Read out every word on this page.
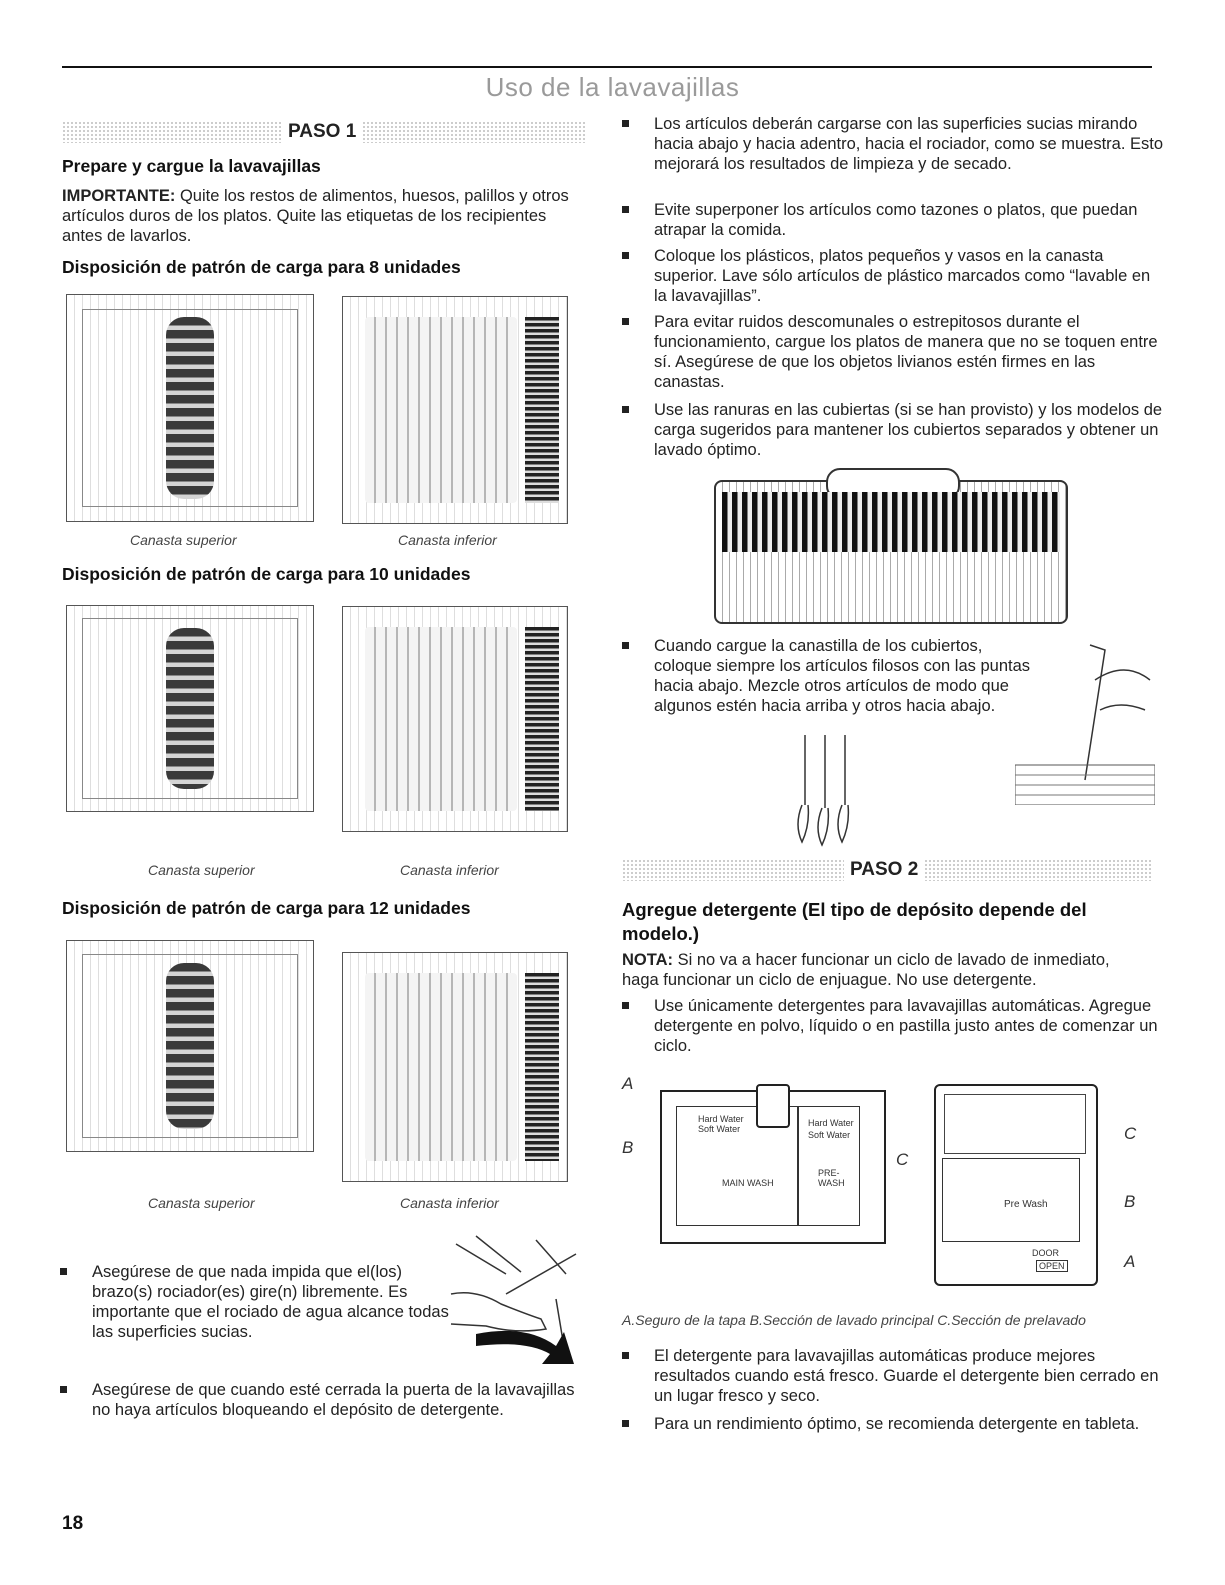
Uso de la lavavajillas
PASO 1
Prepare y cargue la lavavajillas

IMPORTANTE: Quite los restos de alimentos, huesos, palillos y otros artículos duros de los platos. Quite las etiquetas de los recipientes antes de lavarlos.

Disposición de patrón de carga para 8 unidades
Canasta superior	Canasta inferior
Disposición de patrón de carga para 10 unidades
Canasta superior	Canasta inferior
Disposición de patrón de carga para 12 unidades
Canasta superior	Canasta inferior
Asegúrese de que nada impida que el(los) brazo(s) rociador(es) gire(n) libremente. Es importante que el rociado de agua alcance todas las superficies sucias.
Asegúrese de que cuando esté cerrada la puerta de la lavavajillas no haya artículos bloqueando el depósito de detergente.
18
Los artículos deberán cargarse con las superficies sucias mirando hacia abajo y hacia adentro, hacia el rociador, como se muestra. Esto mejorará los resultados de limpieza y de secado.
Evite superponer los artículos como tazones o platos, que puedan atrapar la comida.
Coloque los plásticos, platos pequeños y vasos en la canasta superior. Lave sólo artículos de plástico marcados como “lavable en la lavavajillas”.
Para evitar ruidos descomunales o estrepitosos durante el funcionamiento, cargue los platos de manera que no se toquen entre sí. Asegúrese de que los objetos livianos estén firmes en las canastas.
Use las ranuras en las cubiertas (si se han provisto) y los modelos de carga sugeridos para mantener los cubiertos separados y obtener un lavado óptimo.
Cuando cargue la canastilla de los cubiertos, coloque siempre los artículos filosos con las puntas hacia abajo. Mezcle otros artículos de modo que algunos estén hacia arriba y otros hacia abajo.
PASO 2
Agregue detergente (El tipo de depósito depende del modelo.)

NOTA: Si no va a hacer funcionar un ciclo de lavado de inmediato, haga funcionar un ciclo de enjuague. No use detergente.

Use únicamente detergentes para lavavajillas automáticas. Agregue detergente en polvo, líquido o en pastilla justo antes de comenzar un ciclo.
A
B
C
Hard Water
Soft Water
Hard Water
Soft Water
MAIN WASH
PRE-
WASH
Pre Wash
DOOR
OPEN
C
B
A
A.Seguro de la tapa B.Sección de lavado principal C.Sección de prelavado
El detergente para lavavajillas automáticas produce mejores resultados cuando está fresco. Guarde el detergente bien cerrado en un lugar fresco y seco.
Para un rendimiento óptimo, se recomienda detergente en tableta.
